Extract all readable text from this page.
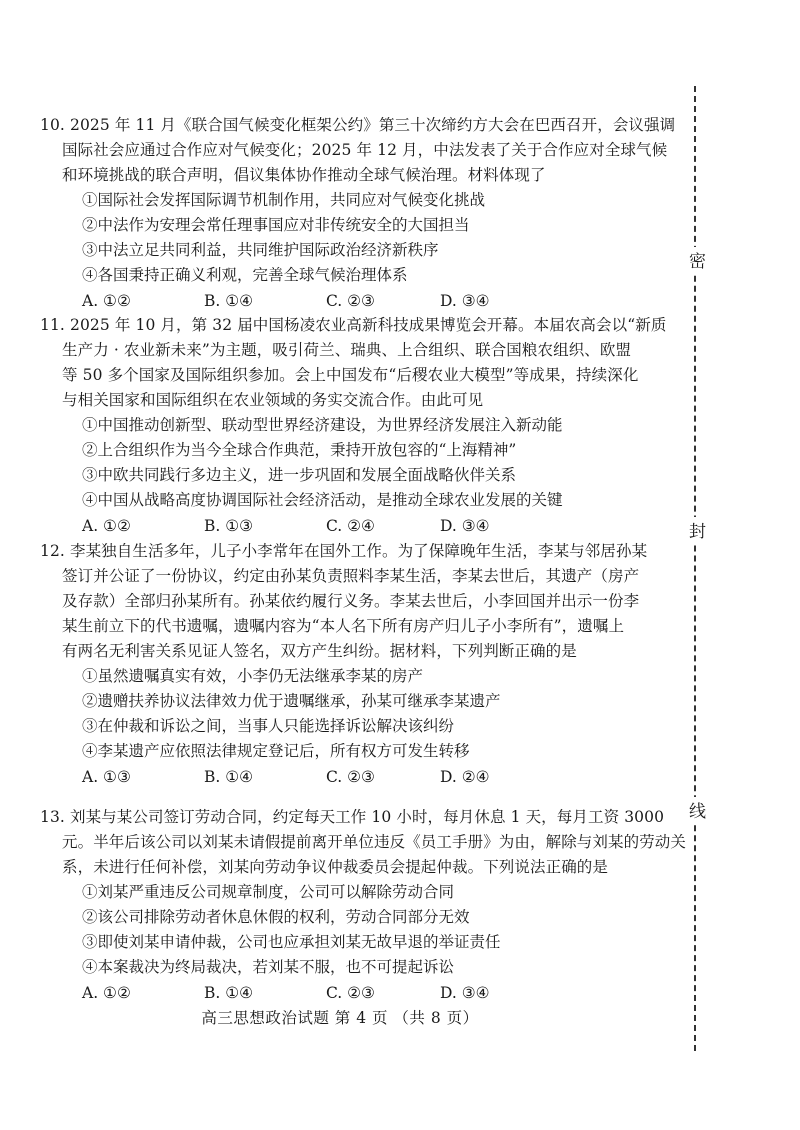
10. 2025 年 11 月《联合国气候变化框架公约》第三十次缔约方大会在巴西召开，会议强调
国际社会应通过合作应对气候变化；2025 年 12 月，中法发表了关于合作应对全球气候
和环境挑战的联合声明，倡议集体协作推动全球气候治理。材料体现了
①国际社会发挥国际调节机制作用，共同应对气候变化挑战
②中法作为安理会常任理事国应对非传统安全的大国担当
③中法立足共同利益，共同维护国际政治经济新秩序
④各国秉持正确义利观，完善全球气候治理体系
A. ①②	B. ①④	C. ②③	D. ③④
11. 2025 年 10 月，第 32 届中国杨凌农业高新科技成果博览会开幕。本届农高会以“新质
生产力 · 农业新未来”为主题，吸引荷兰、瑞典、上合组织、联合国粮农组织、欧盟
等 50 多个国家及国际组织参加。会上中国发布“后稷农业大模型”等成果，持续深化
与相关国家和国际组织在农业领域的务实交流合作。由此可见
①中国推动创新型、联动型世界经济建设，为世界经济发展注入新动能
②上合组织作为当今全球合作典范，秉持开放包容的“上海精神”
③中欧共同践行多边主义，进一步巩固和发展全面战略伙伴关系
④中国从战略高度协调国际社会经济活动，是推动全球农业发展的关键
A. ①②	B. ①③	C. ②④	D. ③④
12. 李某独自生活多年，儿子小李常年在国外工作。为了保障晚年生活，李某与邻居孙某
签订并公证了一份协议，约定由孙某负责照料李某生活，李某去世后，其遗产（房产
及存款）全部归孙某所有。孙某依约履行义务。李某去世后，小李回国并出示一份李
某生前立下的代书遗嘱，遗嘱内容为“本人名下所有房产归儿子小李所有”，遗嘱上
有两名无利害关系见证人签名，双方产生纠纷。据材料，下列判断正确的是
①虽然遗嘱真实有效，小李仍无法继承李某的房产
②遗赠扶养协议法律效力优于遗嘱继承，孙某可继承李某遗产
③在仲裁和诉讼之间，当事人只能选择诉讼解决该纠纷
④李某遗产应依照法律规定登记后，所有权方可发生转移
A. ①③	B. ①④	C. ②③	D. ②④
13. 刘某与某公司签订劳动合同，约定每天工作 10 小时，每月休息 1 天，每月工资 3000
元。半年后该公司以刘某未请假提前离开单位违反《员工手册》为由，解除与刘某的劳动关
系，未进行任何补偿，刘某向劳动争议仲裁委员会提起仲裁。下列说法正确的是
①刘某严重违反公司规章制度，公司可以解除劳动合同
②该公司排除劳动者休息休假的权利，劳动合同部分无效
③即使刘某申请仲裁，公司也应承担刘某无故早退的举证责任
④本案裁决为终局裁决，若刘某不服，也不可提起诉讼
A. ①②	B. ①④	C. ②③	D. ③④
高三思想政治试题 第 4 页 （共 8 页）
密
封
线
